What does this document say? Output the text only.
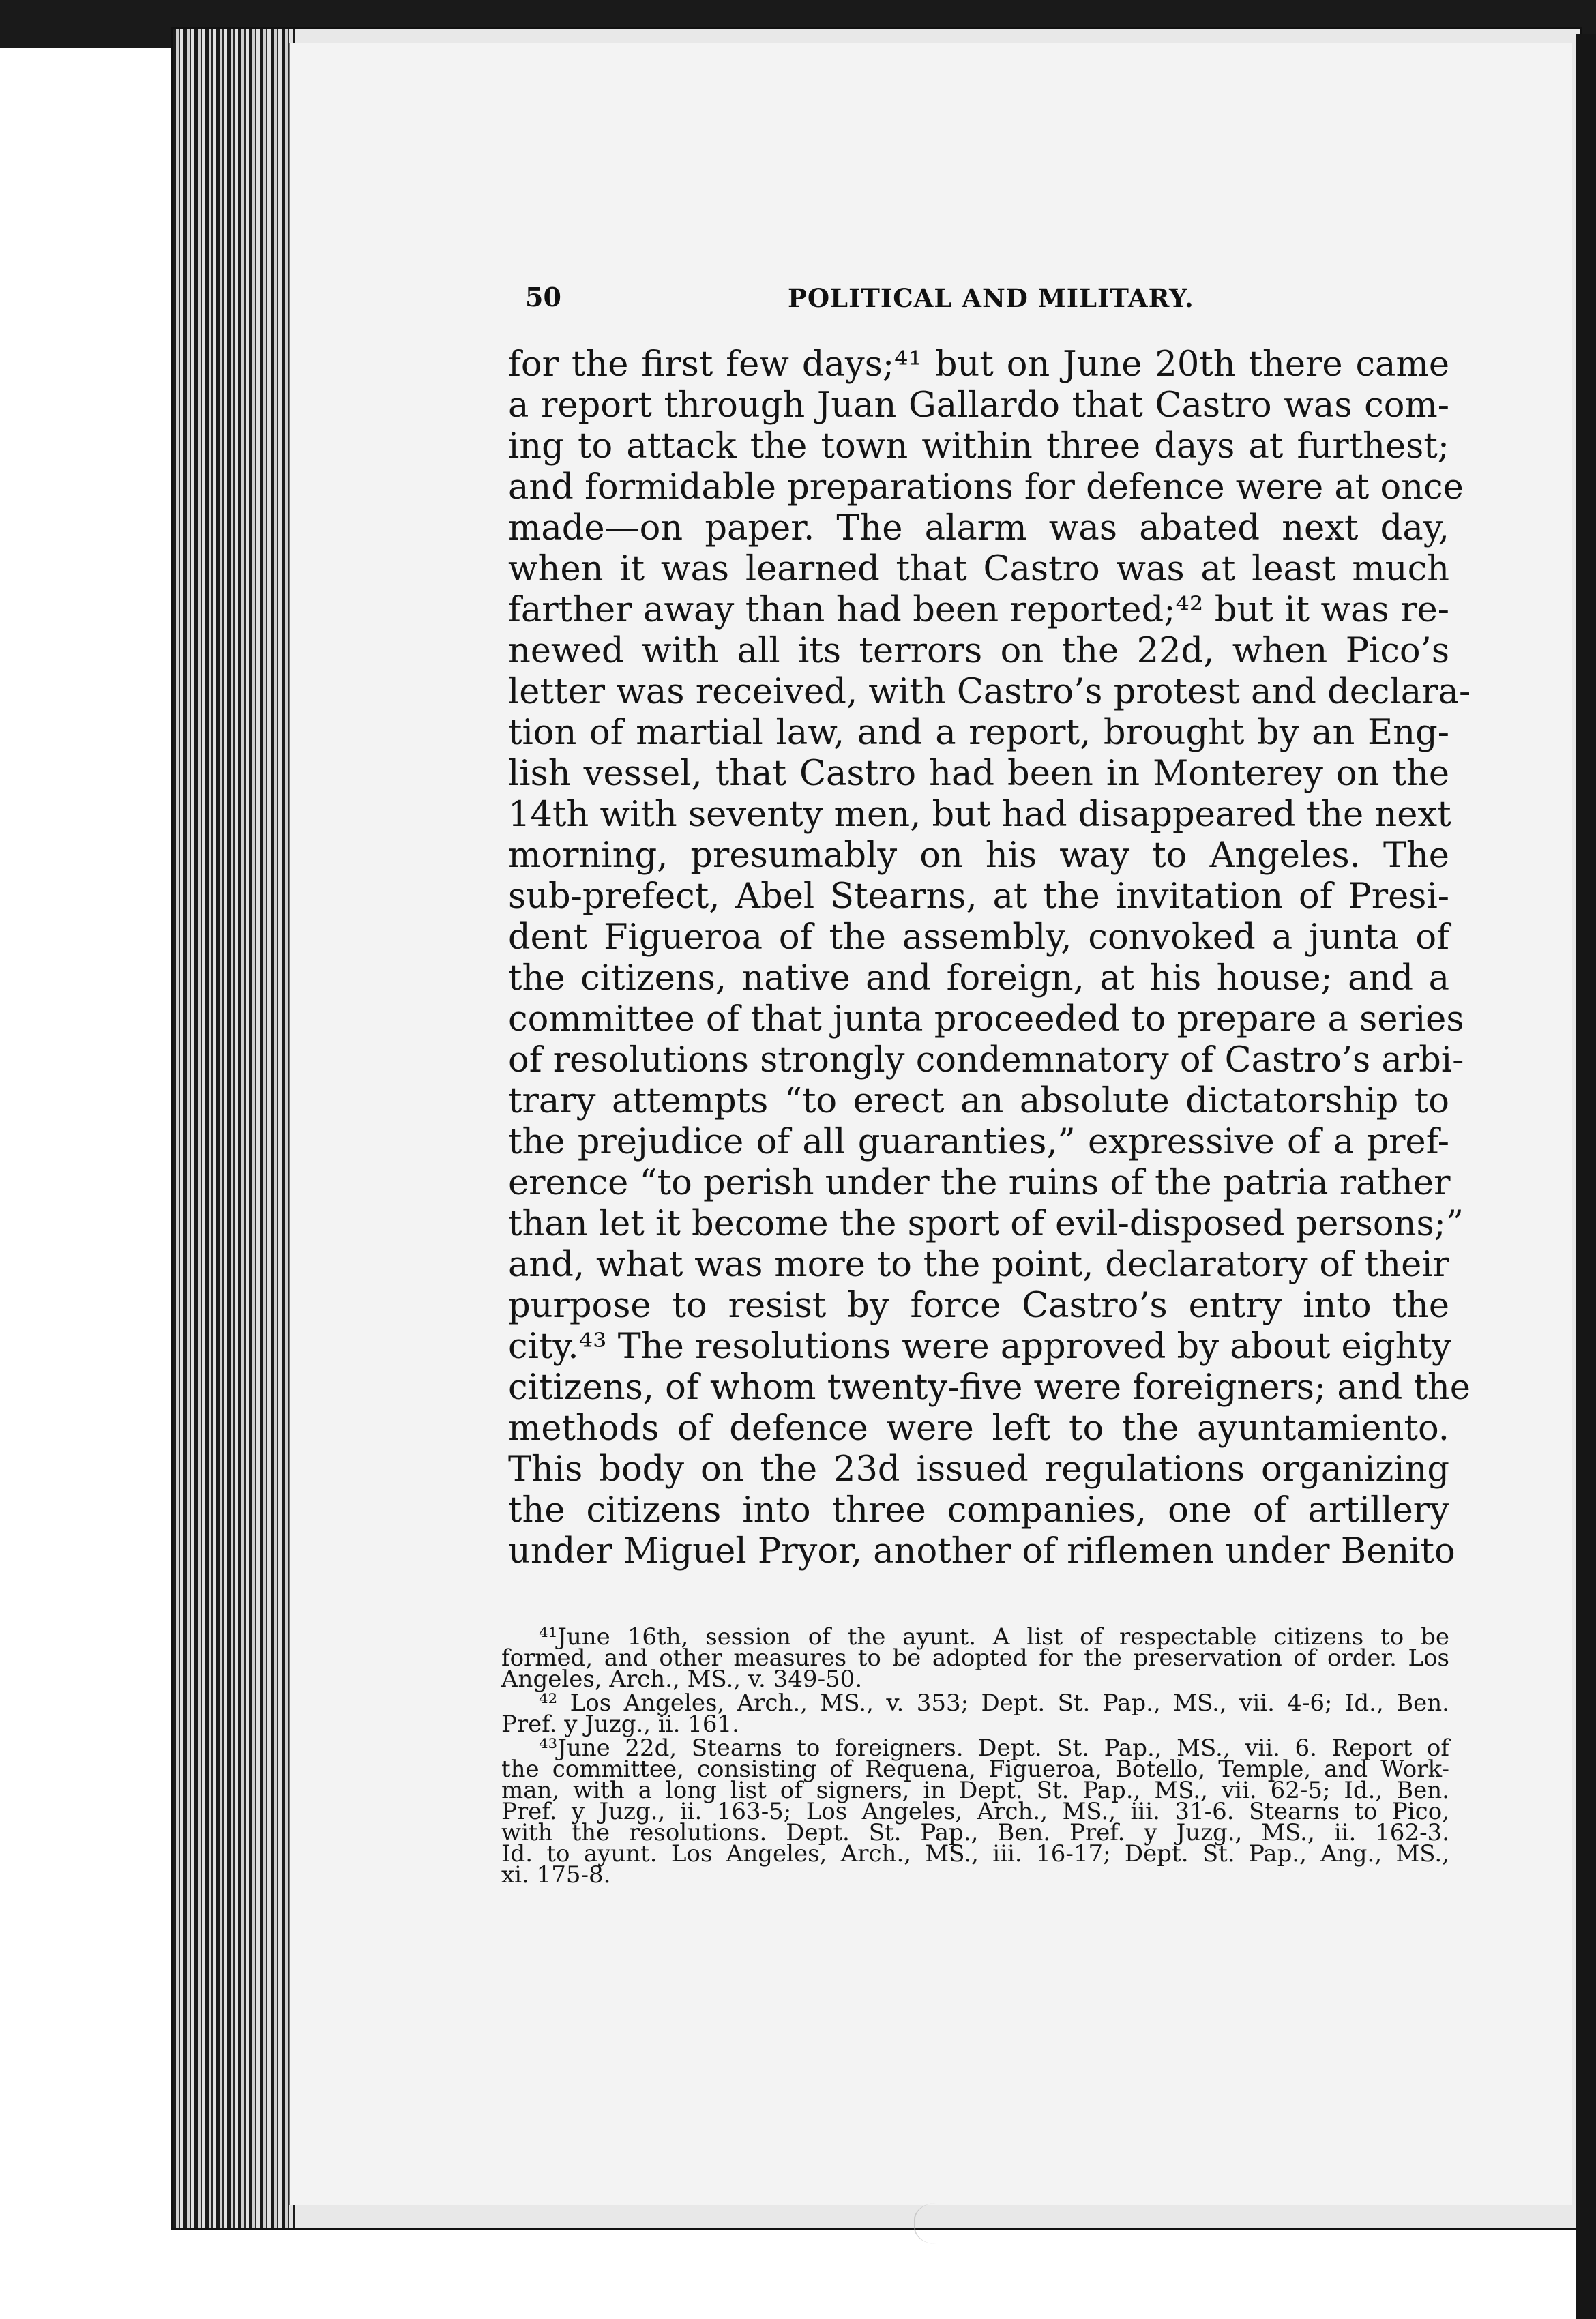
50	POLITICAL AND MILITARY.
for the first few days;⁴¹ but on June 20th there came
a report through Juan Gallardo that Castro was com-
ing to attack the town within three days at furthest;
and formidable preparations for defence were at once
made—on paper. The alarm was abated next day,
when it was learned that Castro was at least much
farther away than had been reported;⁴² but it was re-
newed with all its terrors on the 22d, when Pico’s
letter was received, with Castro’s protest and declara-
tion of martial law, and a report, brought by an Eng-
lish vessel, that Castro had been in Monterey on the
14th with seventy men, but had disappeared the next
morning, presumably on his way to Angeles. The
sub-prefect, Abel Stearns, at the invitation of Presi-
dent Figueroa of the assembly, convoked a junta of
the citizens, native and foreign, at his house; and a
committee of that junta proceeded to prepare a series
of resolutions strongly condemnatory of Castro’s arbi-
trary attempts “to erect an absolute dictatorship to
the prejudice of all guaranties,” expressive of a pref-
erence “to perish under the ruins of the patria rather
than let it become the sport of evil-disposed persons;”
and, what was more to the point, declaratory of their
purpose to resist by force Castro’s entry into the
city.⁴³ The resolutions were approved by about eighty
citizens, of whom twenty-five were foreigners; and the
methods of defence were left to the ayuntamiento.
This body on the 23d issued regulations organizing
the citizens into three companies, one of artillery
under Miguel Pryor, another of riflemen under Benito
⁴¹June 16th, session of the ayunt. A list of respectable citizens to be
formed, and other measures to be adopted for the preservation of order. Los
Angeles, Arch., MS., v. 349-50.
⁴² Los Angeles, Arch., MS., v. 353; Dept. St. Pap., MS., vii. 4-6; Id., Ben.
Pref. y Juzg., ii. 161.
⁴³June 22d, Stearns to foreigners. Dept. St. Pap., MS., vii. 6. Report of
the committee, consisting of Requena, Figueroa, Botello, Temple, and Work-
man, with a long list of signers, in Dept. St. Pap., MS., vii. 62-5; Id., Ben.
Pref. y Juzg., ii. 163-5; Los Angeles, Arch., MS., iii. 31-6. Stearns to Pico,
with the resolutions. Dept. St. Pap., Ben. Pref. y Juzg., MS., ii. 162-3.
Id. to ayunt. Los Angeles, Arch., MS., iii. 16-17; Dept. St. Pap., Ang., MS.,
xi. 175-8.
